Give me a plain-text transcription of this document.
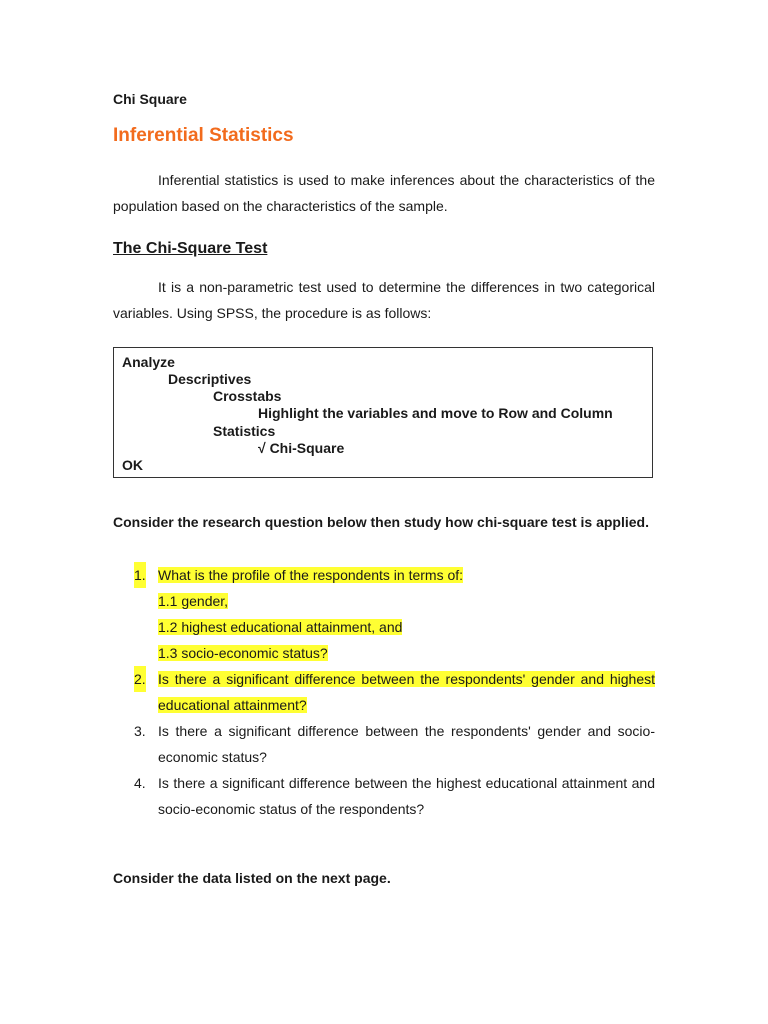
Chi Square
Inferential Statistics
Inferential statistics is used to make inferences about the characteristics of the population based on the characteristics of the sample.
The Chi-Square Test
It is a non-parametric test used to determine the differences in two categorical variables. Using SPSS, the procedure is as follows:
Analyze
Descriptives
Crosstabs
Highlight the variables and move to Row and Column
Statistics
√ Chi-Square
OK
Consider the research question below then study how chi-square test is applied.
1. What is the profile of the respondents in terms of:
1.1 gender,
1.2 highest educational attainment, and
1.3 socio-economic status?
2. Is there a significant difference between the respondents' gender and highest educational attainment?
3. Is there a significant difference between the respondents' gender and socio-economic status?
4. Is there a significant difference between the highest educational attainment and socio-economic status of the respondents?
Consider the data listed on the next page.
